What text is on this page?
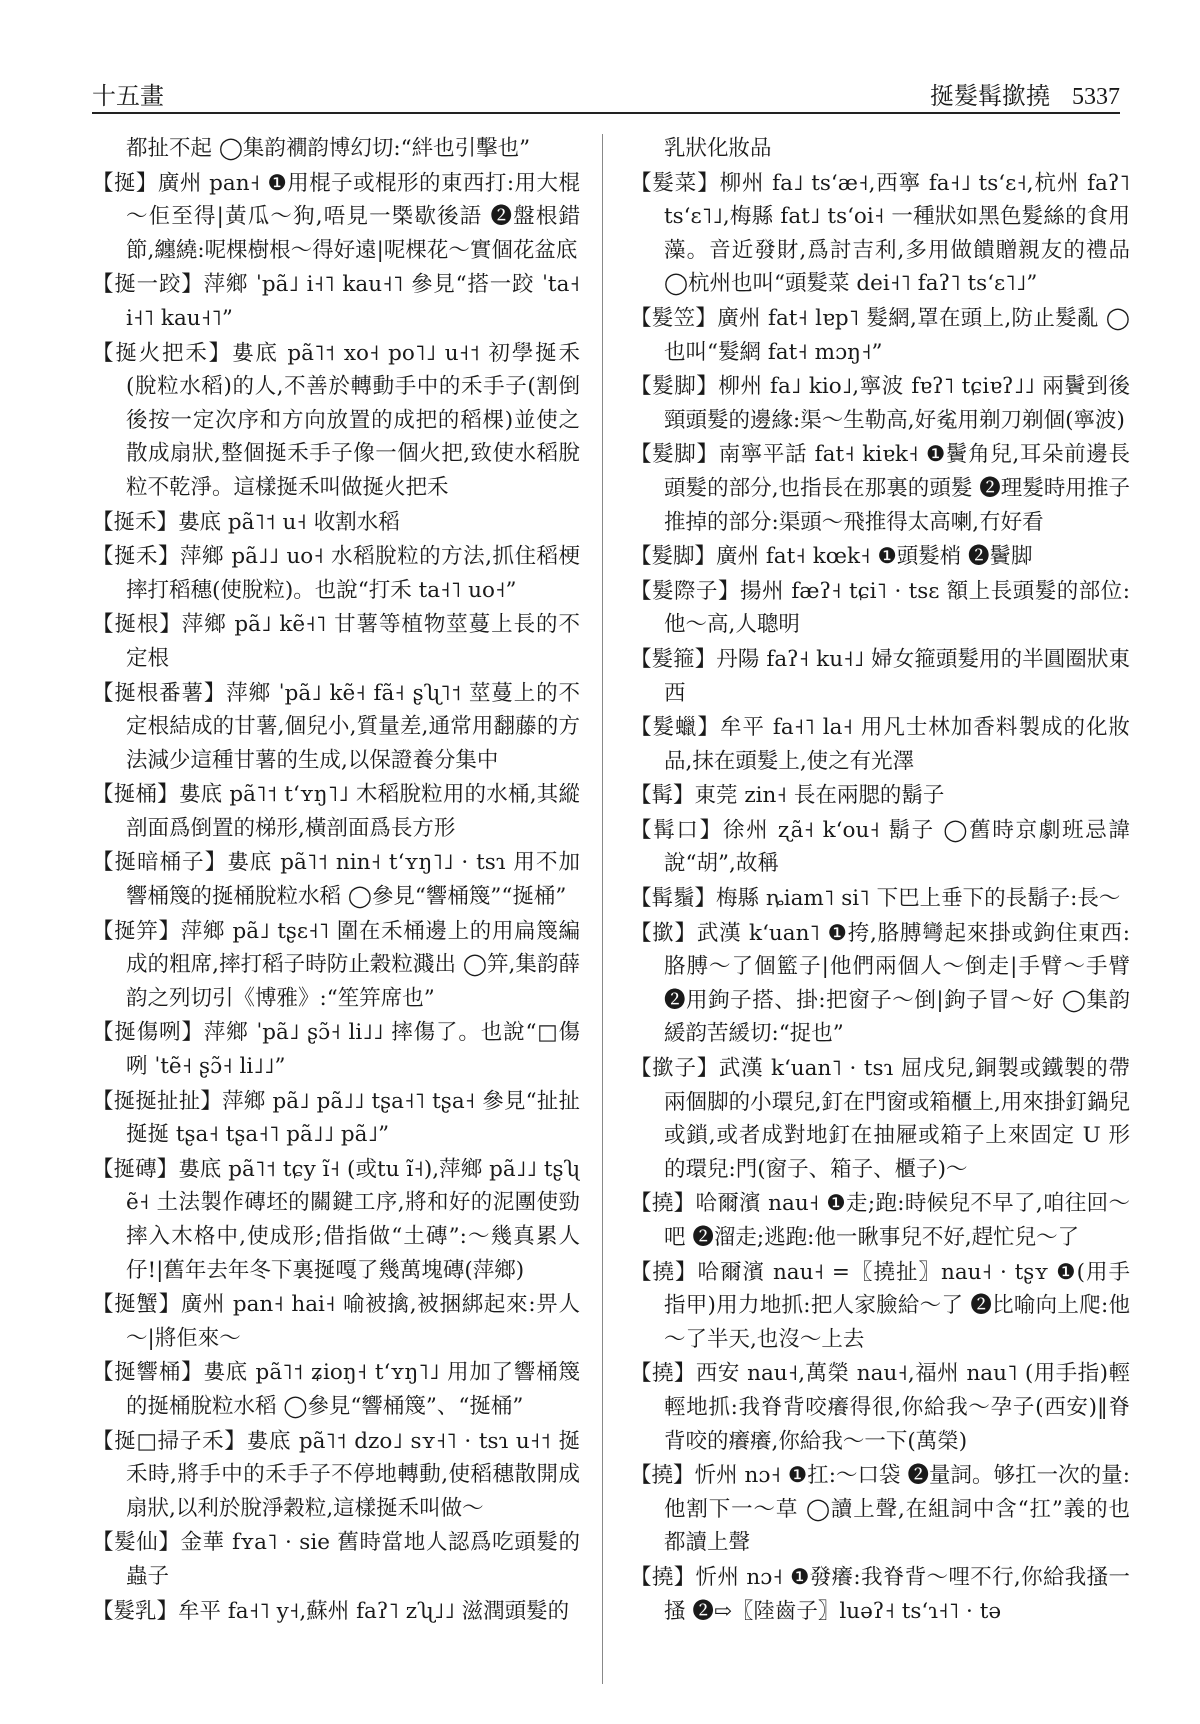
十五畫	挻髮髯撳撓 5337

都扯不起 ◯集韵襉韵博幻切:“絆也引擊也”

【挻】廣州 pan˧ ❶用棍子或棍形的東西打:用大棍～佢至得|黃瓜～狗,唔見一㮣歇後語 ❷盤根錯節,纏繞:呢棵樹根～得好遠|呢棵花～實個花盆底

【挻一跤】萍鄉 ˈpã˩ i˧˥ kau˧˥ 參見“搭一跤 ˈta˧ i˧˥ kau˧˥”

【挻火把禾】婁底 pã˥˦ xo˧ po˥˩ u˧˦ 初學挻禾(脫粒水稻)的人,不善於轉動手中的禾手子(割倒後按一定次序和方向放置的成把的稻棵)並使之散成扇狀,整個挻禾手子像一個火把,致使水稻脫粒不乾淨。這樣挻禾叫做挻火把禾

【挻禾】婁底 pã˥˦ u˧ 收割水稻

【挻禾】萍鄉 pã˩˩ uo˧ 水稻脫粒的方法,抓住稻梗摔打稻穗(使脫粒)。也說“打禾 ta˧˥ uo˧”

【挻根】萍鄉 pã˩ kẽ˧˥ 甘薯等植物莖蔓上長的不定根

【挻根番薯】萍鄉 ˈpã˩ kẽ˧ fã˧ ʂʯ˥˦ 莖蔓上的不定根結成的甘薯,個兒小,質量差,通常用翻藤的方法減少這種甘薯的生成,以保證養分集中

【挻桶】婁底 pã˥˦ tʻʏŋ˥˩ 木稻脫粒用的水桶,其縱剖面爲倒置的梯形,橫剖面爲長方形

【挻暗桶子】婁底 pã˥˦ nin˧ tʻʏŋ˥˩ · tsɿ 用不加響桶篾的挻桶脫粒水稻 ◯參見“響桶篾”“挻桶”

【挻笄】萍鄉 pã˩ tʂɛ˧˥ 圍在禾桶邊上的用扁篾編成的粗席,摔打稻子時防止穀粒濺出 ◯笄,集韵薛韵之列切引《博雅》:“笙笄席也”

【挻傷咧】萍鄉 ˈpã˩ ʂɔ̃˧ li˩˩ 摔傷了。也說“□傷咧 ˈtẽ˧ ʂɔ̃˧ li˩˩”

【挻挻扯扯】萍鄉 pã˩ pã˩˩ tʂa˧˥ tʂa˧ 參見“扯扯挻挻 tʂa˧ tʂa˧˥ pã˩˩ pã˩”

【挻磚】婁底 pã˥˦ tɕy ĩ˧ (或tu ĩ˧),萍鄉 pã˩˩ tʂʯ ẽ˧ 土法製作磚坯的關鍵工序,將和好的泥團使勁摔入木格中,使成形;借指做“土磚”:～幾真累人仔!|舊年去年冬下裏挻嘎了幾萬塊磚(萍鄉)

【挻蟹】廣州 pan˧ hai˧ 喻被擒,被捆綁起來:畀人～|將佢來～

【挻響桶】婁底 pã˥˦ ʑioŋ˧ tʻʏŋ˥˩ 用加了響桶篾的挻桶脫粒水稻 ◯參見“響桶篾”、“挻桶”

【挻□掃子禾】婁底 pã˥˦ dzo˩ sʏ˧˥ · tsɿ u˧˦ 挻禾時,將手中的禾手子不停地轉動,使稻穗散開成扇狀,以利於脫淨穀粒,這樣挻禾叫做～

【髮仙】金華 fʏa˥ · sie 舊時當地人認爲吃頭髮的蟲子

【髮乳】牟平 fa˧˥ y˧,蘇州 faʔ˥ zʯ˩˩ 滋潤頭髮的

乳狀化妝品

【髮菜】柳州 fa˩ tsʻæ˧,西寧 fa˧˩ tsʻɛ˧,杭州 faʔ˥ tsʻɛ˥˩,梅縣 fat˩ tsʻoi˧ 一種狀如黑色髮絲的食用藻。音近發財,爲討吉利,多用做饋贈親友的禮品 ◯杭州也叫“頭髮菜 dei˧˥ faʔ˥ tsʻɛ˥˩”

【髮笠】廣州 fat˧ lɐp˥ 髮網,罩在頭上,防止髮亂 ◯也叫“髮網 fat˧ mɔŋ˧”

【髮脚】柳州 fa˩ kio˩,寧波 fɐʔ˥ tɕiɐʔ˩˩ 兩鬢到後頸頭髮的邊緣:渠～生勒高,好㝹用剃刀剃個(寧波)

【髮脚】南寧平話 fat˧ kiɐk˧ ❶鬢角兒,耳朵前邊長頭髮的部分,也指長在那裏的頭髮 ❷理髮時用推子推掉的部分:渠頭～飛推得太高喇,冇好看

【髮脚】廣州 fat˧ kœk˧ ❶頭髮梢 ❷鬢脚

【髮際子】揚州 fæʔ˧ tɕi˥ · tsɛ 額上長頭髮的部位:他～高,人聰明

【髮箍】丹陽 faʔ˧ ku˧˩ 婦女箍頭髮用的半圓圈狀東西

【髮蠟】牟平 fa˧˥ la˧ 用凡士林加香料製成的化妝品,抹在頭髮上,使之有光澤

【髯】東莞 zin˧ 長在兩腮的鬍子

【髯口】徐州 ʐã˧ kʻou˧ 鬍子 ◯舊時京劇班忌諱說“胡”,故稱

【髯鬚】梅縣 ȵiam˥ si˥ 下巴上垂下的長鬍子:長～

【撳】武漢 kʻuan˥ ❶挎,胳膊彎起來掛或鉤住東西:胳膊～了個籃子|他們兩個人～倒走|手臂～手臂 ❷用鉤子搭、掛:把窗子～倒|鉤子冒～好 ◯集韵緩韵苦緩切:“捉也”

【撳子】武漢 kʻuan˥ · tsɿ 屈戌兒,銅製或鐵製的帶兩個脚的小環兒,釘在門窗或箱櫃上,用來掛釘鍋兒或鎖,或者成對地釘在抽屜或箱子上來固定 U 形的環兒:門(窗子、箱子、櫃子)～

【撓】哈爾濱 nau˧ ❶走;跑:時候兒不早了,咱往回～吧 ❷溜走;逃跑:他一瞅事兒不好,趕忙兒～了

【撓】哈爾濱 nau˧ =〖撓扯〗nau˧ · tʂʏ ❶(用手指甲)用力地抓:把人家臉給～了 ❷比喻向上爬:他～了半天,也沒～上去

【撓】西安 nau˧,萬榮 nau˧,福州 nau˥ (用手指)輕輕地抓:我脊背咬癢得很,你給我～孕子(西安)‖脊背咬的癢癢,你給我～一下(萬榮)

【撓】忻州 nɔ˧ ❶扛:～口袋 ❷量詞。够扛一次的量:他割下一～草 ◯讀上聲,在組詞中含“扛”義的也都讀上聲

【撓】忻州 nɔ˧ ❶發癢:我脊背～哩不行,你給我搔一搔 ❷⇨〖陸齒子〗luəʔ˧ tsʻɿ˧˥ · tə
